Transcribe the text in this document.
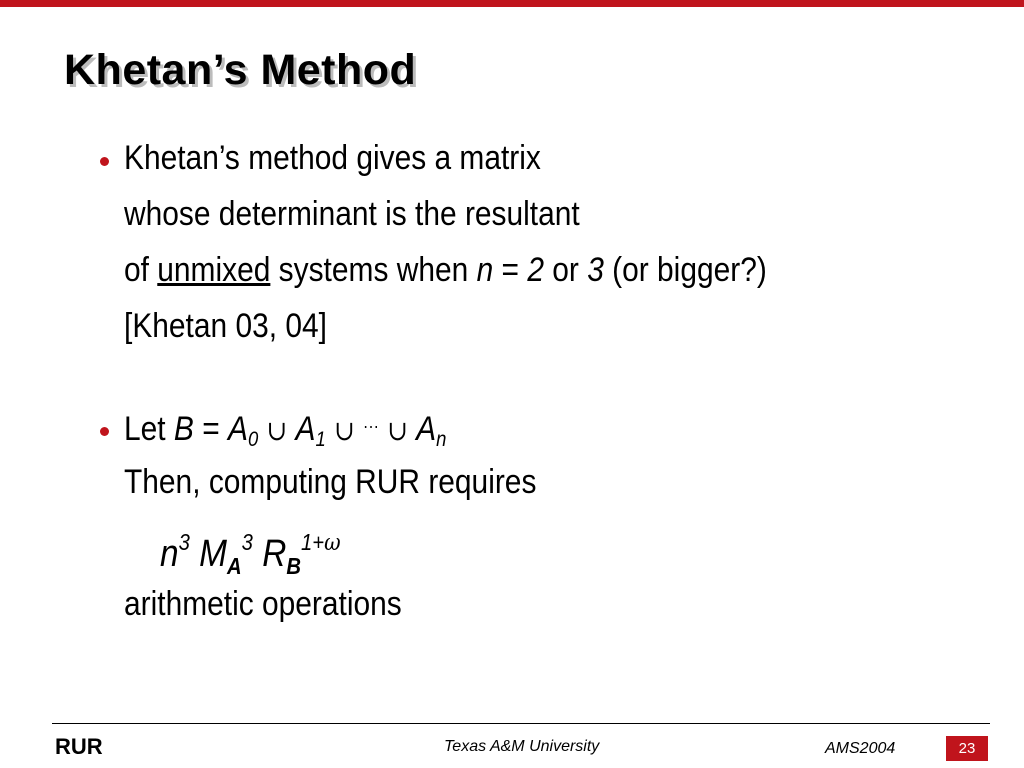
Khetan’s Method
Khetan’s method gives a matrix
whose determinant is the resultant
of unmixed systems when n = 2 or 3 (or bigger?)
[Khetan 03, 04]
Let $B = A_0$ ∪ $A_1$ ∪ ··· ∪ $A_n$
Then, computing RUR requires
$n^3$ $M_A^3$ $R_B^{1+\omega}$
arithmetic operations
RUR	Texas A&M University	AMS2004	23
